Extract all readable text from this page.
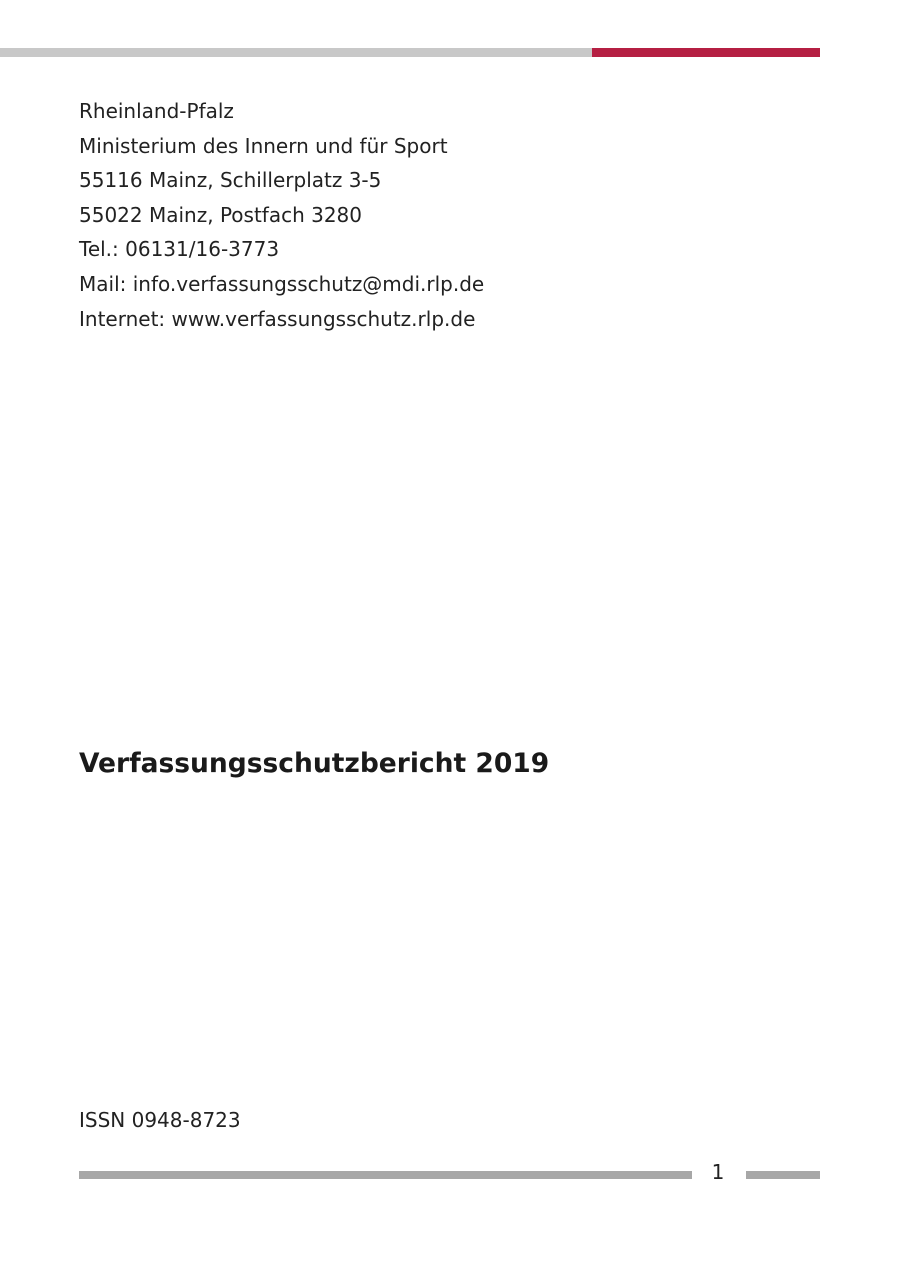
Rheinland-Pfalz
Ministerium des Innern und für Sport
55116 Mainz, Schillerplatz 3-5
55022 Mainz, Postfach 3280
Tel.: 06131/16-3773
Mail: info.verfassungsschutz@mdi.rlp.de
Internet: www.verfassungsschutz.rlp.de
Verfassungsschutzbericht 2019
ISSN 0948-8723
1
